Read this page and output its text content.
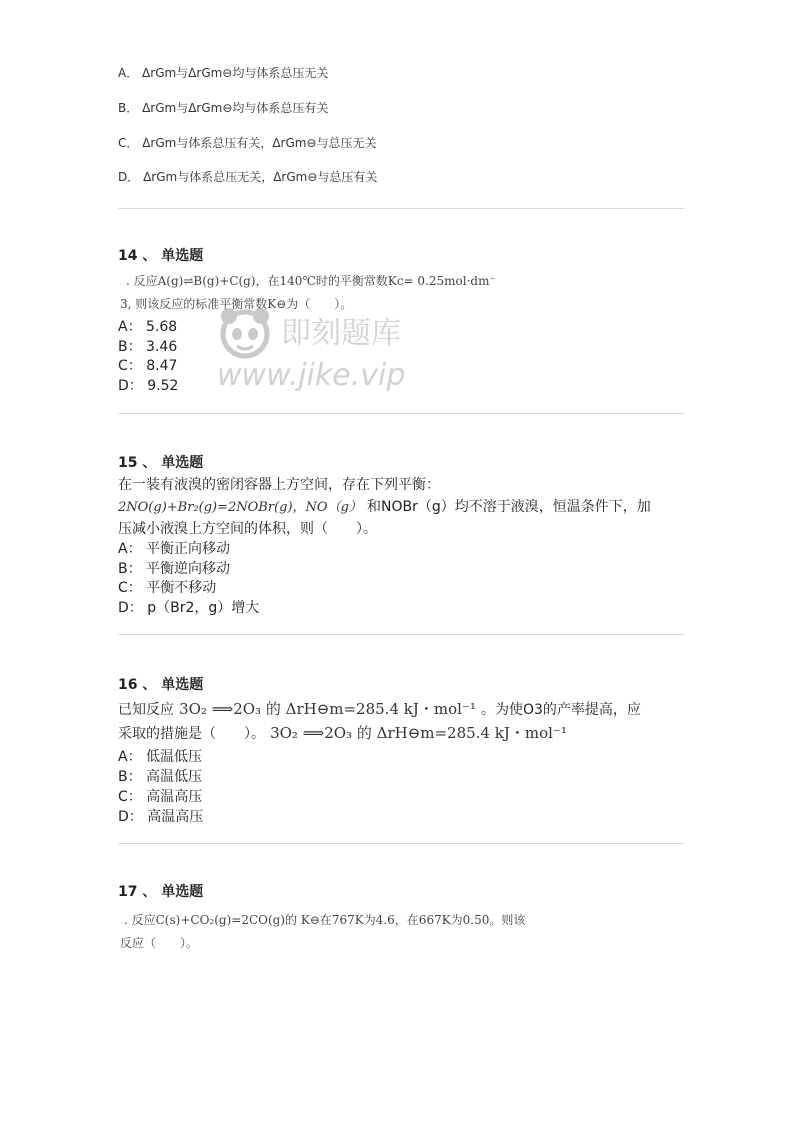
A． ΔrGm与ΔrGm⊖均与体系总压无关
B． ΔrGm与ΔrGm⊖均与体系总压有关
C． ΔrGm与体系总压有关，ΔrGm⊖与总压无关
D． ΔrGm与体系总压无关，ΔrGm⊖与总压有关
14 、 单选题
. 反应A(g)⇌B(g)+C(g)，在140℃时的平衡常数Kc= 0.25mol·dm⁻
3, 则该反应的标准平衡常数K⊖为（　　）。
A： 5.68
B： 3.46
C： 8.47
D： 9.52
即刻题库
www.jike.vip
15 、 单选题
在一装有液溴的密闭容器上方空间，存在下列平衡：
2NO(g)+Br₂(g)=2NOBr(g)，NO（g） 和NOBr（g）均不溶于液溴，恒温条件下，加
压减小液溴上方空间的体积，则（　　）。
A： 平衡正向移动
B： 平衡逆向移动
C： 平衡不移动
D： p（Br2，g）增大
16 、 单选题
已知反应 3O₂ ⟹2O₃ 的 ΔrH⊖m=285.4 kJ・mol⁻¹ 。为使O3的产率提高，应
采取的措施是（　　）。 3O₂ ⟹2O₃ 的 ΔrH⊖m=285.4 kJ・mol⁻¹
A： 低温低压
B： 高温低压
C： 高温高压
D： 高温高压
17 、 单选题
. 反应C(s)+CO₂(g)=2CO(g)的 K⊖在767K为4.6，在667K为0.50。则该
反应（　　）。
